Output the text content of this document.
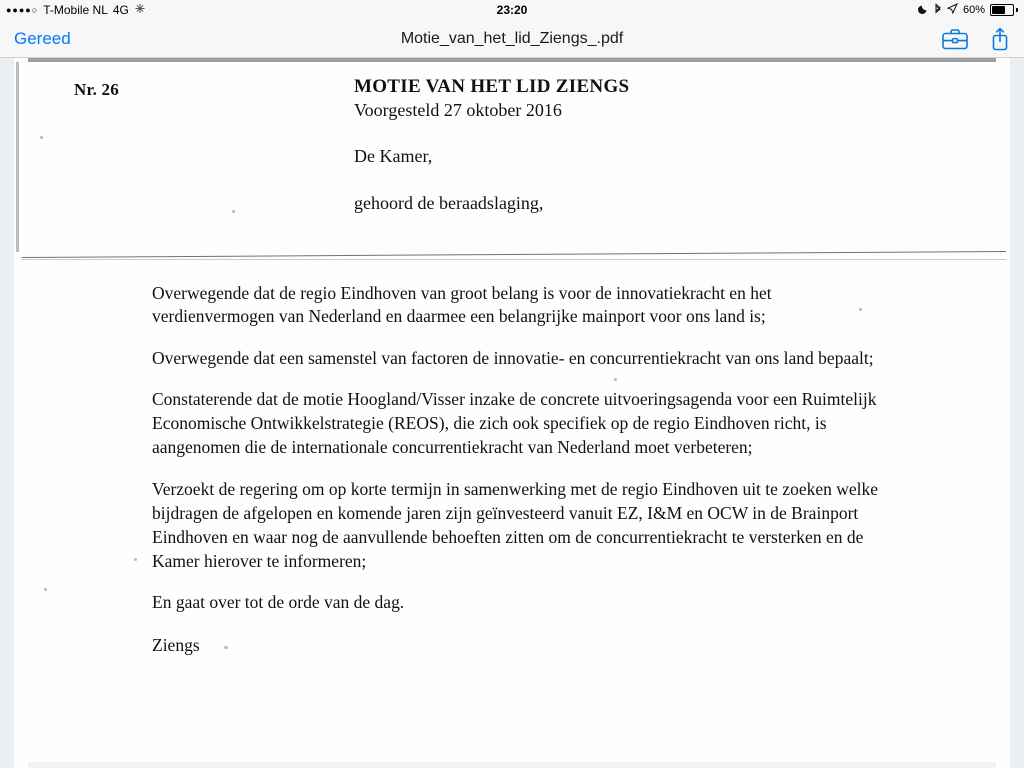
●●●●○ T-Mobile NL 4G	23:20	60%
Gereed	Motie_van_het_lid_Ziengs_.pdf
Nr. 26	MOTIE VAN HET LID ZIENGS
Voorgesteld 27 oktober 2016
De Kamer,
gehoord de beraadslaging,

Overwegende dat de regio Eindhoven van groot belang is voor de innovatiekracht en het verdienvermogen van Nederland en daarmee een belangrijke mainport voor ons land is;

Overwegende dat een samenstel van factoren de innovatie- en concurrentiekracht van ons land bepaalt;

Constaterende dat de motie Hoogland/Visser inzake de concrete uitvoeringsagenda voor een Ruimtelijk Economische Ontwikkelstrategie (REOS), die zich ook specifiek op de regio Eindhoven richt, is aangenomen die de internationale concurrentiekracht van Nederland moet verbeteren;

Verzoekt de regering om op korte termijn in samenwerking met de regio Eindhoven uit te zoeken welke bijdragen de afgelopen en komende jaren zijn geïnvesteerd vanuit EZ, I&M en OCW in de Brainport Eindhoven en waar nog de aanvullende behoeften zitten om de concurrentiekracht te versterken en de Kamer hierover te informeren;

En gaat over tot de orde van de dag.

Ziengs
